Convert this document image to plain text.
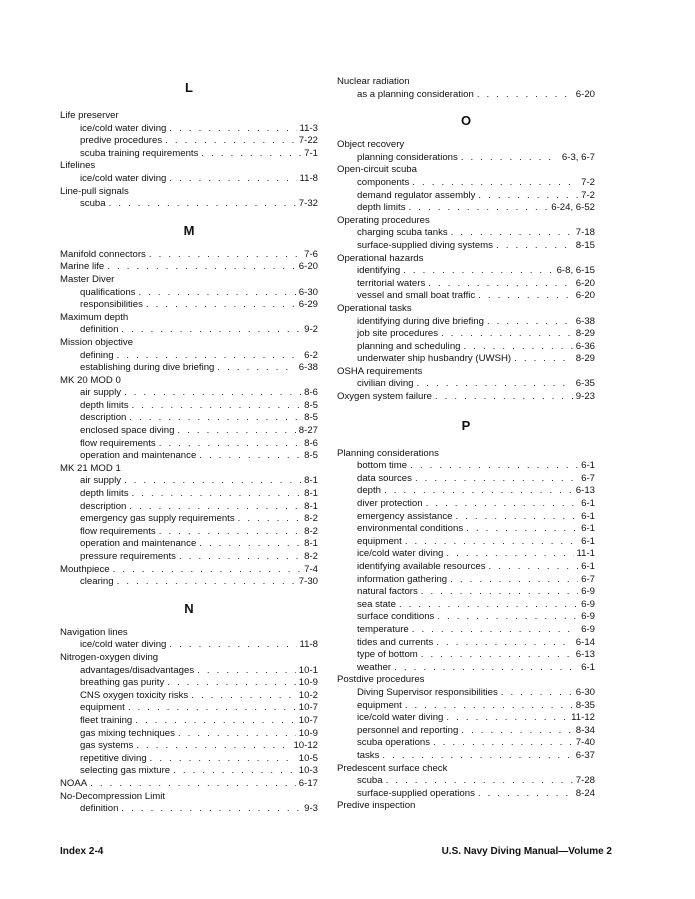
L
Life preserver
ice/cold water diving . . .	11-3
predive procedures . . .	7-22
scuba training requirements . . .	7-1
Lifelines
ice/cold water diving . . .	11-8
Line-pull signals
scuba . . .	7-32
M
Manifold connectors . . .	7-6
Marine life . . .	6-20
Master Diver
qualifications . . .	6-30
responsibilities . . .	6-29
Maximum depth
definition . . .	9-2
Mission objective
defining . . .	6-2
establishing during dive briefing . . .	6-38
MK 20 MOD 0
air supply . . .	8-6
depth limits . . .	8-5
description . . .	8-5
enclosed space diving . . .	8-27
flow requirements . . .	8-6
operation and maintenance . . .	8-5
MK 21 MOD 1
air supply . . .	8-1
depth limits . . .	8-1
description . . .	8-1
emergency gas supply requirements . . .	8-2
flow requirements . . .	8-2
operation and maintenance . . .	8-1
pressure requirements . . .	8-2
Mouthpiece . . .	7-4
clearing . . .	7-30
N
Navigation lines
ice/cold water diving . . .	11-8
Nitrogen-oxygen diving
advantages/disadvantages . . .	10-1
breathing gas purity . . .	10-9
CNS oxygen toxicity risks . . .	10-2
equipment . . .	10-7
fleet training . . .	10-7
gas mixing techniques . . .	10-9
gas systems . . .	10-12
repetitive diving . . .	10-5
selecting gas mixture . . .	10-3
NOAA . . .	6-17
No-Decompression Limit
definition . . .	9-3
Nuclear radiation
as a planning consideration . . .	6-20
O
Object recovery
planning considerations . . .	6-3, 6-7
Open-circuit scuba
components . . .	7-2
demand regulator assembly . . .	7-2
depth limits . . .	6-24, 6-52
Operating procedures
charging scuba tanks . . .	7-18
surface-supplied diving systems . . .	8-15
Operational hazards
identifying . . .	6-8, 6-15
territorial waters . . .	6-20
vessel and small boat traffic . . .	6-20
Operational tasks
identifying during dive briefing . . .	6-38
job site procedures . . .	8-29
planning and scheduling . . .	6-36
underwater ship husbandry (UWSH) . . .	8-29
OSHA requirements
civilian diving . . .	6-35
Oxygen system failure . . .	9-23
P
Planning considerations
bottom time . . .	6-1
data sources . . .	6-7
depth . . .	6-13
diver protection . . .	6-1
emergency assistance . . .	6-1
environmental conditions . . .	6-1
equipment . . .	6-1
ice/cold water diving . . .	11-1
identifying available resources . . .	6-1
information gathering . . .	6-7
natural factors . . .	6-9
sea state . . .	6-9
surface conditions . . .	6-9
temperature . . .	6-9
tides and currents . . .	6-14
type of bottom . . .	6-13
weather . . .	6-1
Postdive procedures
Diving Supervisor responsibilities . . .	6-30
equipment . . .	8-35
ice/cold water diving . . .	11-12
personnel and reporting . . .	8-34
scuba operations . . .	7-40
tasks . . .	6-37
Predescent surface check
scuba . . .	7-28
surface-supplied operations . . .	8-24
Predive inspection
Index 2-4	U.S. Navy Diving Manual—Volume 2
